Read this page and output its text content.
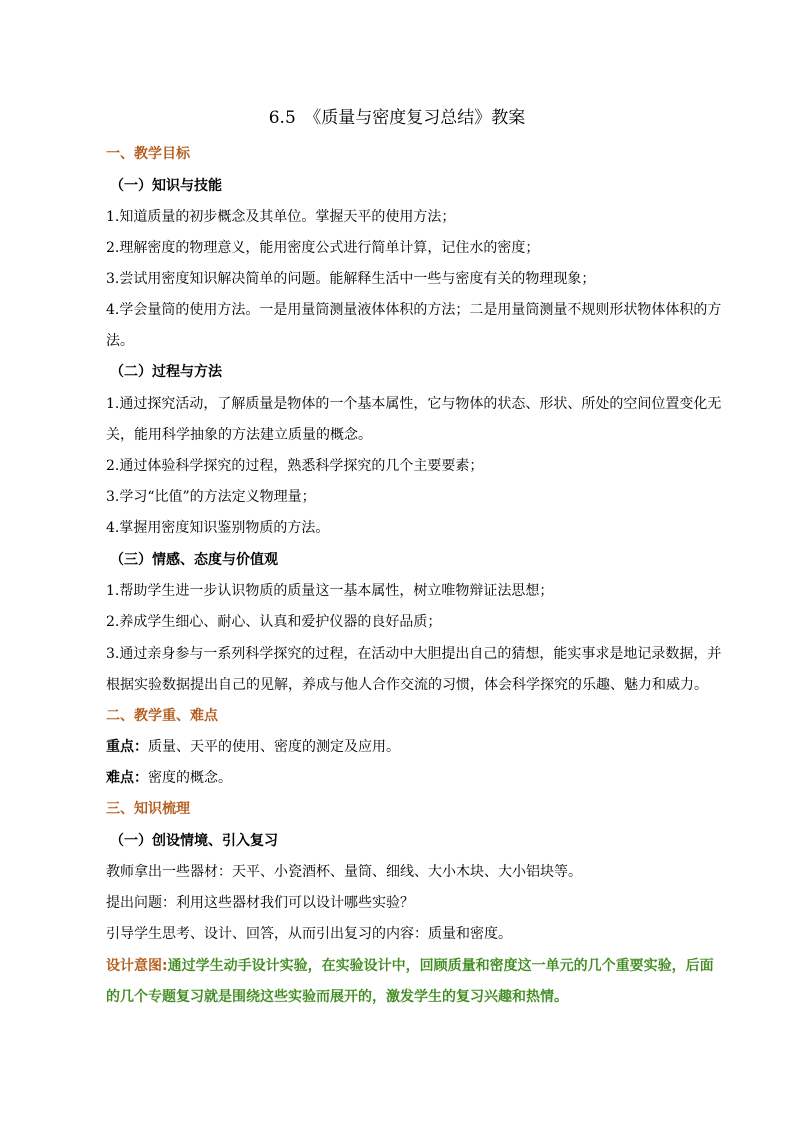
6.5　《质量与密度复习总结》教案
一、教学目标
（一）知识与技能
1.知道质量的初步概念及其单位。掌握天平的使用方法；
2.理解密度的物理意义，能用密度公式进行简单计算，记住水的密度；
3.尝试用密度知识解决简单的问题。能解释生活中一些与密度有关的物理现象；
4.学会量筒的使用方法。一是用量筒测量液体体积的方法；二是用量筒测量不规则形状物体体积的方
法。
（二）过程与方法
1.通过探究活动，了解质量是物体的一个基本属性，它与物体的状态、形状、所处的空间位置变化无
关，能用科学抽象的方法建立质量的概念。
2.通过体验科学探究的过程，熟悉科学探究的几个主要要素；
3.学习“比值”的方法定义物理量；
4.掌握用密度知识鉴别物质的方法。
（三）情感、态度与价值观
1.帮助学生进一步认识物质的质量这一基本属性，树立唯物辩证法思想；
2.养成学生细心、耐心、认真和爱护仪器的良好品质；
3.通过亲身参与一系列科学探究的过程，在活动中大胆提出自己的猜想，能实事求是地记录数据，并
根据实验数据提出自己的见解，养成与他人合作交流的习惯，体会科学探究的乐趣、魅力和威力。
二、教学重、难点
重点：质量、天平的使用、密度的测定及应用。
难点：密度的概念。
三、知识梳理
（一）创设情境、引入复习
教师拿出一些器材：天平、小瓷酒杯、量筒、细线、大小木块、大小铝块等。
提出问题：利用这些器材我们可以设计哪些实验？
引导学生思考、设计、回答，从而引出复习的内容：质量和密度。
设计意图:通过学生动手设计实验，在实验设计中，回顾质量和密度这一单元的几个重要实验，后面
的几个专题复习就是围绕这些实验而展开的，激发学生的复习兴趣和热情。
